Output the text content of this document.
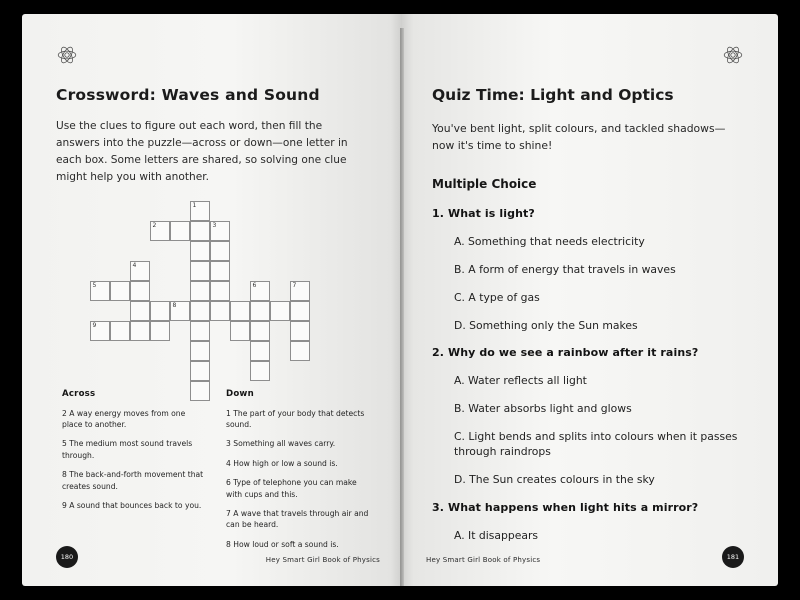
Crossword: Waves and Sound

Use the clues to figure out each word, then fill the answers into the puzzle—across or down—one letter in each box. Some letters are shared, so solving one clue might help you with another.

1
2	3
4
5	6	7
8
9
Across
2 A way energy moves from one place to another.
5 The medium most sound travels through.
8 The back-and-forth movement that creates sound.
9 A sound that bounces back to you.
Down
1 The part of your body that detects sound.
3 Something all waves carry.
4 How high or low a sound is.
6 Type of telephone you can make with cups and this.
7 A wave that travels through air and can be heard.
8 How loud or soft a sound is.
180	Hey Smart Girl Book of Physics
Quiz Time: Light and Optics

You've bent light, split colours, and tackled shadows—now it's time to shine!

Multiple Choice

1. What is light?

A. Something that needs electricity

B. A form of energy that travels in waves

C. A type of gas

D. Something only the Sun makes

2. Why do we see a rainbow after it rains?

A. Water reflects all light

B. Water absorbs light and glows

C. Light bends and splits into colours when it passes through raindrops

D. The Sun creates colours in the sky

3. What happens when light hits a mirror?

A. It disappears

181
Hey Smart Girl Book of Physics
